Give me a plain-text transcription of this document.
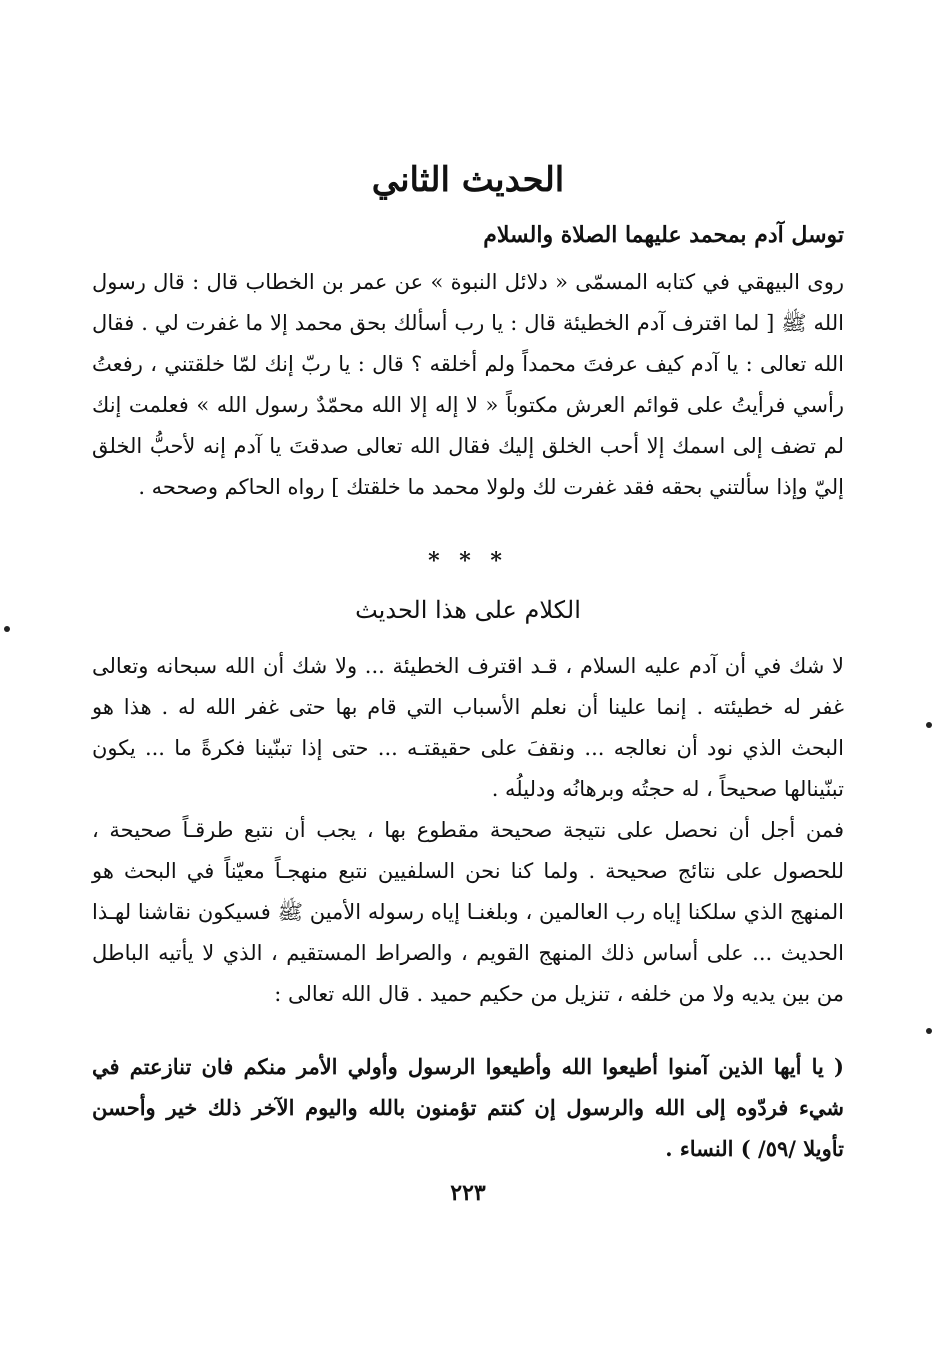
الحديث الثاني
توسل آدم بمحمد عليهما الصلاة والسلام

روى البيهقي في كتابه المسمّى « دلائل النبوة » عن عمر بن الخطاب قال : قال رسول الله ﷺ [ لما اقترف آدم الخطيئة قال : يا رب أسألك بحق محمد إلا ما غفرت لي . فقال الله تعالى : يا آدم كيف عرفتَ محمداً ولم أخلقه ؟ قال : يا ربّ إنك لمّا خلقتني ، رفعتُ رأسي فرأيتُ على قوائم العرش مكتوباً « لا إله إلا الله محمّدٌ رسول الله » فعلمت إنك لم تضف إلى اسمك إلا أحب الخلق إليك فقال الله تعالى صدقتَ يا آدم إنه لأحبُّ الخلق إليّ وإذا سألتني بحقه فقد غفرت لك ولولا محمد ما خلقتك ] رواه الحاكم وصححه .

* * *
الكلام على هذا الحديث

لا شك في أن آدم عليه السلام ، قـد اقترف الخطيئة ... ولا شك أن الله سبحانه وتعالى غفر له خطيئته . إنما علينا أن نعلم الأسباب التي قام بها حتى غفر الله له . هذا هو البحث الذي نود أن نعالجه ... ونقفَ على حقيقتـه ... حتى إذا تبنّينا فكرةً ما ... يكون تبنّينالها صحيحاً ، له حجتُه وبرهانُه ودليلُه .

فمن أجل أن نحصل على نتيجة صحيحة مقطوع بها ، يجب أن نتبع طرقـاً صحيحة ، للحصول على نتائج صحيحة . ولما كنا نحن السلفيين نتبع منهجـاً معيّناً في البحث هو المنهج الذي سلكنا إياه رب العالمين ، وبلغنـا إياه رسوله الأمين ﷺ فسيكون نقاشنا لهـذا الحديث ... على أساس ذلك المنهج القويم ، والصراط المستقيم ، الذي لا يأتيه الباطل من بين يديه ولا من خلفه ، تنزيل من حكيم حميد . قال الله تعالى :

( يا أيها الذين آمنوا أطيعوا الله وأطيعوا الرسول وأولي الأمر منكم فان تنازعتم في شيء فردّوه إلى الله والرسول إن كنتم تؤمنون بالله واليوم الآخر ذلك خير وأحسن تأويلا /٥٩/ ) النساء .

٢٢٣
